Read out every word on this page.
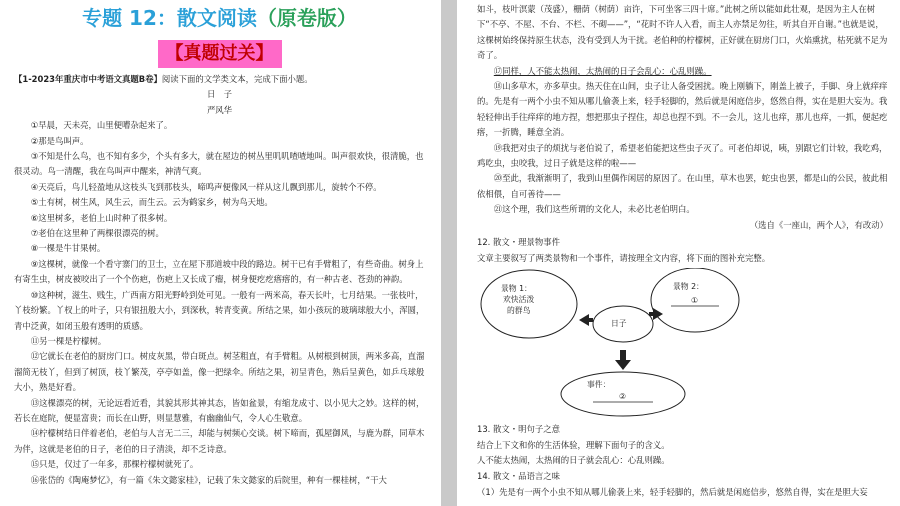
专题 12：散文阅读（原卷版）
【真题过关】

【1-2023年重庆市中考语文真题B卷】阅读下面的文学类文本，完成下面小题。

日　子

严风华

①早晨，天未亮，山里便嘈杂起来了。

②那是鸟叫声。

③不知是什么鸟，也不知有多少，个头有多大，就在屋边的树丛里叽叽喳喳地叫。叫声很欢快，很清脆，也很灵动。鸟一清醒，我在鸟叫声中醒来，神清气爽。

④天亮后，鸟儿轻盈地从这枝头飞到那枝头，啼鸣声便像风一样从这儿飘到那儿，旋转个不停。

⑤土有树，树生风，风生云，而生云。云为鹤家乡，树为鸟天地。

⑥这里树多，老伯上山时种了很多树。

⑦老伯在这里种了两棵很漂亮的树。

⑧一棵是牛甘果树。

⑨这棵树，就像一个看守寨门的卫士，立在屋下那道坡中段的路边。树干已有手臂粗了，有些奇曲。树身上有寄生虫，树皮被咬出了一个个伤疤，伤疤上又长成了瘤，树身便疙疙瘩瘩的，有一种古老、苍劲的神韵。

⑩这种树，滋生、贱生，广西南方阳光野岭到处可见。一般有一两米高，春天长叶，七月结果。一张枝叶，丫枝纷繁。丫杈上的叶子，只有银扭般大小，到深秋，转青变黄。所结之果，如小孩玩的玻璃球般大小，浑圆，青中泛黄，如闭玉般有透明的质感。

⑪另一棵是柠檬树。

⑫它就长在老伯的厨房门口。树皮灰黑，带白斑点。树茎粗直，有手臂粗。从树根到树顶，两米多高，直溜溜简无枝丫，但到了树顶，枝丫繁茂，亭亭如盖，像一把绿伞。所结之果，初呈青色，熟后呈黄色，如乒乓球般大小，熟是好看。

⑬这棵漂亮的树，无论远看近看，其貌其形其神其态，皆如盆景，有缩龙成寸、以小见大之妙。这样的树，若长在庭院，便显富贵；而长在山野，则显慧雅，有幽幽仙气，令人心生敬意。

⑭柠檬树结日伴着老伯，老伯与人言无二三，却能与树频心交谈。树下啼而，孤屋御风，与鹿为群，同草木为伴，这就是老伯的日子，老伯的日子清淡，却不乏诗意。

⑮只是，仅过了一年多，那棵柠檬树就死了。

⑯张岱的《陶庵梦忆》，有一篇《朱文懿家桂》，记载了朱文懿家的后院里，种有一棵桂树，“干大

如斗，枝叶溟蒙（茂盛），栅荫（树荫）亩许，下可坐客三四十席。”此树之所以能如此壮观，是因为主人在树下“不亭、不屋、不台、不栏、不砌——”，“花时不许人入看，而主人亦禁足勿往，听其自开自谢。”也就是说，这棵树始终保持原生状态，没有受到人为干扰。老伯种的柠檬树，正好就在厨房门口，火焰熏扰，枯死就不足为奇了。

⑰同样，人不能太热闹，太热闹的日子会乱心：心乱则躁。

⑱山多草木，亦多草虫。热天住在山间，虫子让人备受困扰。晚上刚躺下，刚盖上被子，手脚、身上就痒痒的。先是有一两个小虫不知从哪儿偷袭上来，轻手轻脚的，然后就是闲庭信步，悠然自得，实在是胆大妄为。我轻轻伸出手往痒痒的地方捏，想把那虫子捏住，却总也捏不到。不一会儿，这儿也痒，那儿也痒，一抓，便起疙瘩，一折腾，睡意全消。

⑲我把对虫子的烦扰与老伯说了，希望老伯能把这些虫子灭了。可老伯却说，咦，别跟它们计较，我吃鸡，鸡吃虫，虫咬我，过日子就是这样的啦——

⑳至此，我渐渐明了，我到山里偶作闲居的原因了。在山里，草木也罢，蛇虫也罢，都是山的公民，彼此相依相偎，自可善待——

㉑这个理，我们这些所谓的文化人，未必比老伯明白。

（选自《一座山，两个人》，有改动）

12. 散文・理景物事件

文章主要叙写了两类景物和一个事件，请按理全文内容，将下面的图补充完整。

景物 1：
欢快活泼
的群鸟
日子
景物 2：
①
事件：
②

13. 散文・明句子之意

结合上下文和你的生活体验，理解下面句子的含义。

人不能太热闹，太热闹的日子就会乱心：心乱则躁。

14. 散文・品语言之味

（1）先是有一两个小虫不知从哪儿偷袭上来，轻手轻脚的，然后就是闲庭信步，悠然自得，实在是胆大妄
